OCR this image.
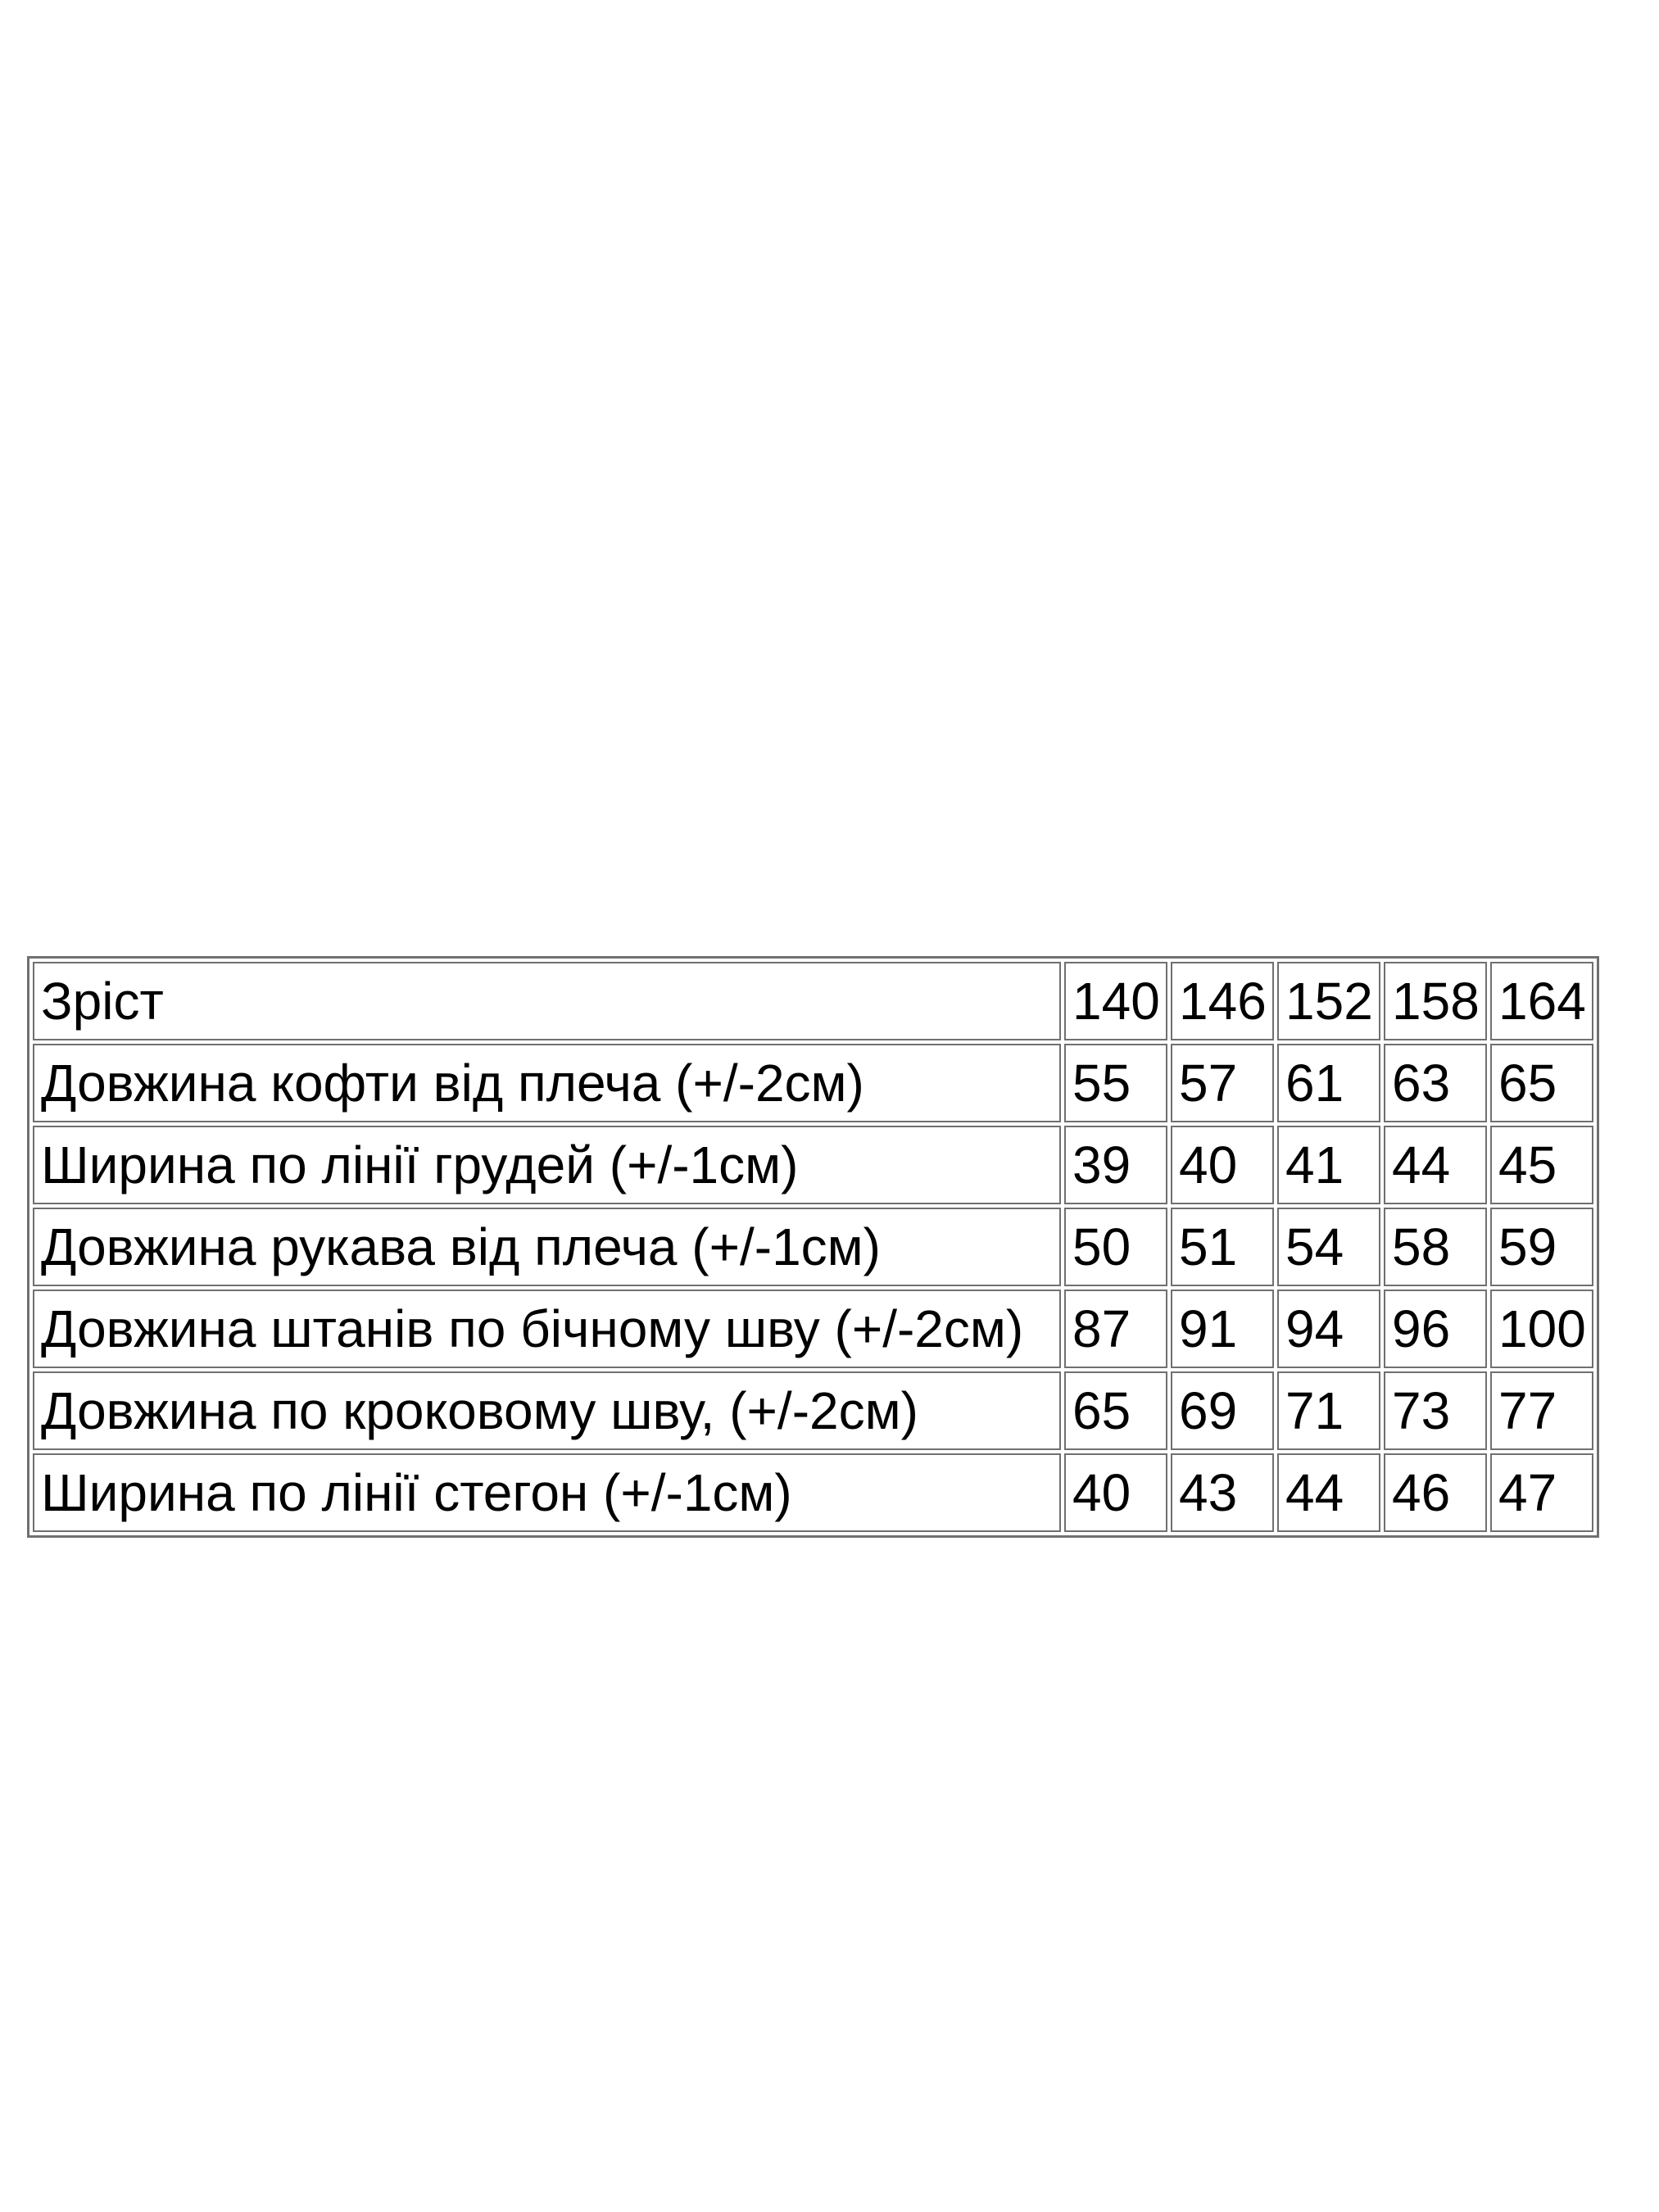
Зріст	140	146	152	158	164
Довжина кофти від плеча (+/-2см)	55	57	61	63	65
Ширина по лінії грудей (+/-1см)	39	40	41	44	45
Довжина рукава від плеча (+/-1см)	50	51	54	58	59
Довжина штанів по бічному шву (+/-2см)	87	91	94	96	100
Довжина по кроковому шву, (+/-2см)	65	69	71	73	77
Ширина по лінії стегон (+/-1см)	40	43	44	46	47
